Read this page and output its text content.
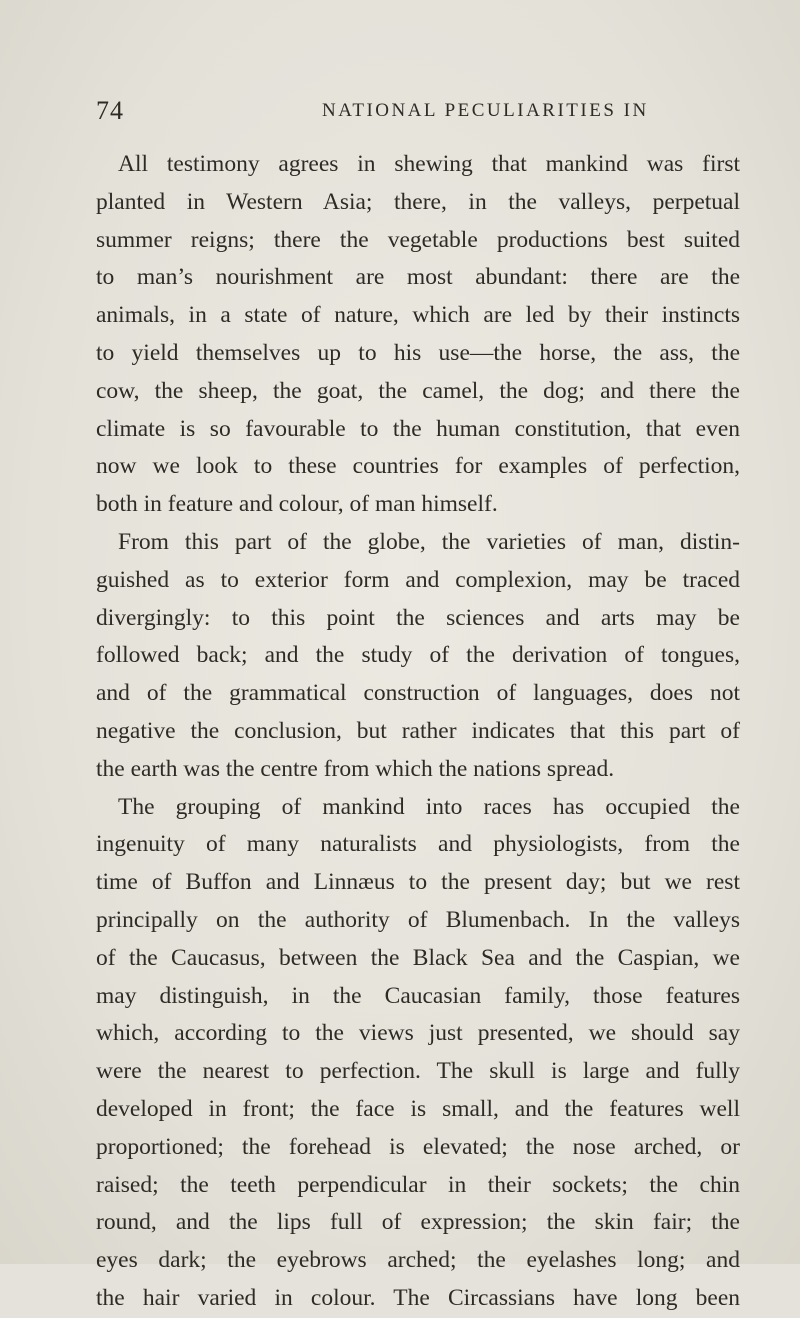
74	NATIONAL PECULIARITIES IN
All testimony agrees in shewing that mankind was first
planted in Western Asia; there, in the valleys, perpetual
summer reigns; there the vegetable productions best suited
to man’s nourishment are most abundant: there are the
animals, in a state of nature, which are led by their instincts
to yield themselves up to his use—the horse, the ass, the
cow, the sheep, the goat, the camel, the dog; and there the
climate is so favourable to the human constitution, that even
now we look to these countries for examples of perfection,
both in feature and colour, of man himself.
From this part of the globe, the varieties of man, distin-
guished as to exterior form and complexion, may be traced
divergingly: to this point the sciences and arts may be
followed back; and the study of the derivation of tongues,
and of the grammatical construction of languages, does not
negative the conclusion, but rather indicates that this part of
the earth was the centre from which the nations spread.
The grouping of mankind into races has occupied the
ingenuity of many naturalists and physiologists, from the
time of Buffon and Linnæus to the present day; but we rest
principally on the authority of Blumenbach. In the valleys
of the Caucasus, between the Black Sea and the Caspian, we
may distinguish, in the Caucasian family, those features
which, according to the views just presented, we should say
were the nearest to perfection. The skull is large and fully
developed in front; the face is small, and the features well
proportioned; the forehead is elevated; the nose arched, or
raised; the teeth perpendicular in their sockets; the chin
round, and the lips full of expression; the skin fair; the
eyes dark; the eyebrows arched; the eyelashes long; and
the hair varied in colour. The Circassians have long been
